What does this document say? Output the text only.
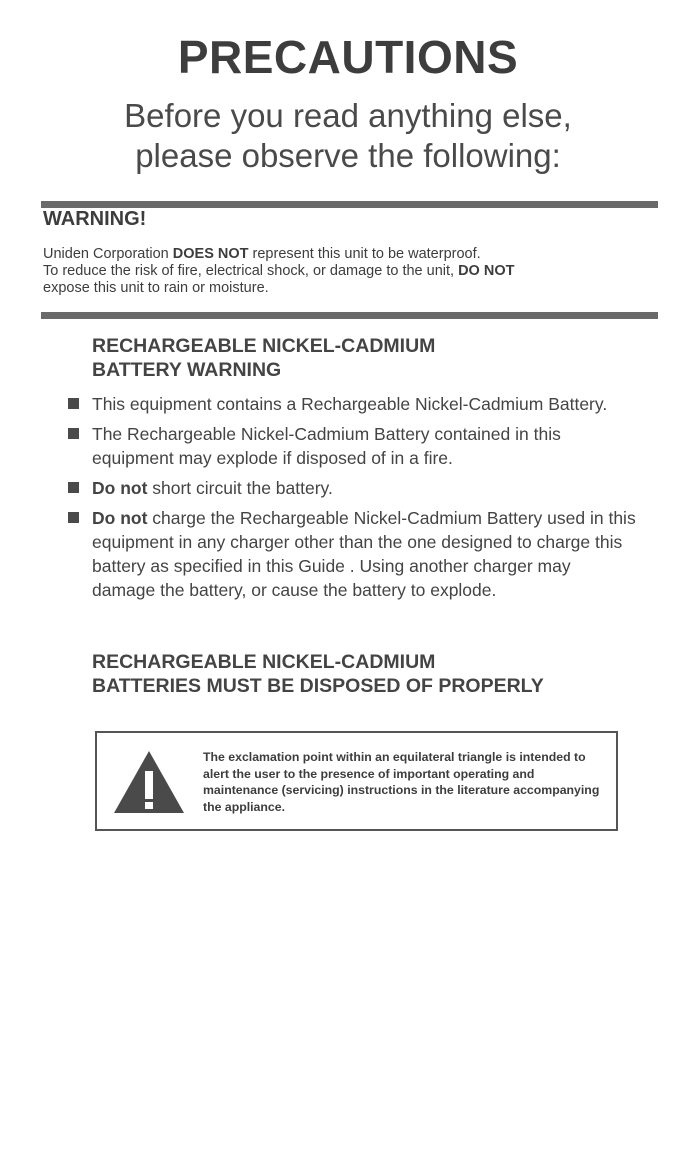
PRECAUTIONS
Before you read anything else,
please observe the following:
WARNING!
Uniden Corporation DOES NOT represent this unit to be waterproof.
To reduce the risk of fire, electrical shock, or damage to the unit, DO NOT
expose this unit to rain or moisture.
RECHARGEABLE NICKEL-CADMIUM
BATTERY WARNING
This equipment contains a Rechargeable Nickel-Cadmium Battery.
The Rechargeable Nickel-Cadmium Battery contained in this equipment may explode if disposed of in a fire.
Do not short circuit the battery.
Do not charge the Rechargeable Nickel-Cadmium Battery used in this equipment in any charger other than the one designed to charge this battery as specified in this Guide . Using another charger may damage the battery, or cause the battery to explode.
RECHARGEABLE NICKEL-CADMIUM
BATTERIES MUST BE DISPOSED OF PROPERLY
The exclamation point within an equilateral triangle is intended to alert the user to the presence of important operating and maintenance (servicing) instructions in the literature accompanying the appliance.
